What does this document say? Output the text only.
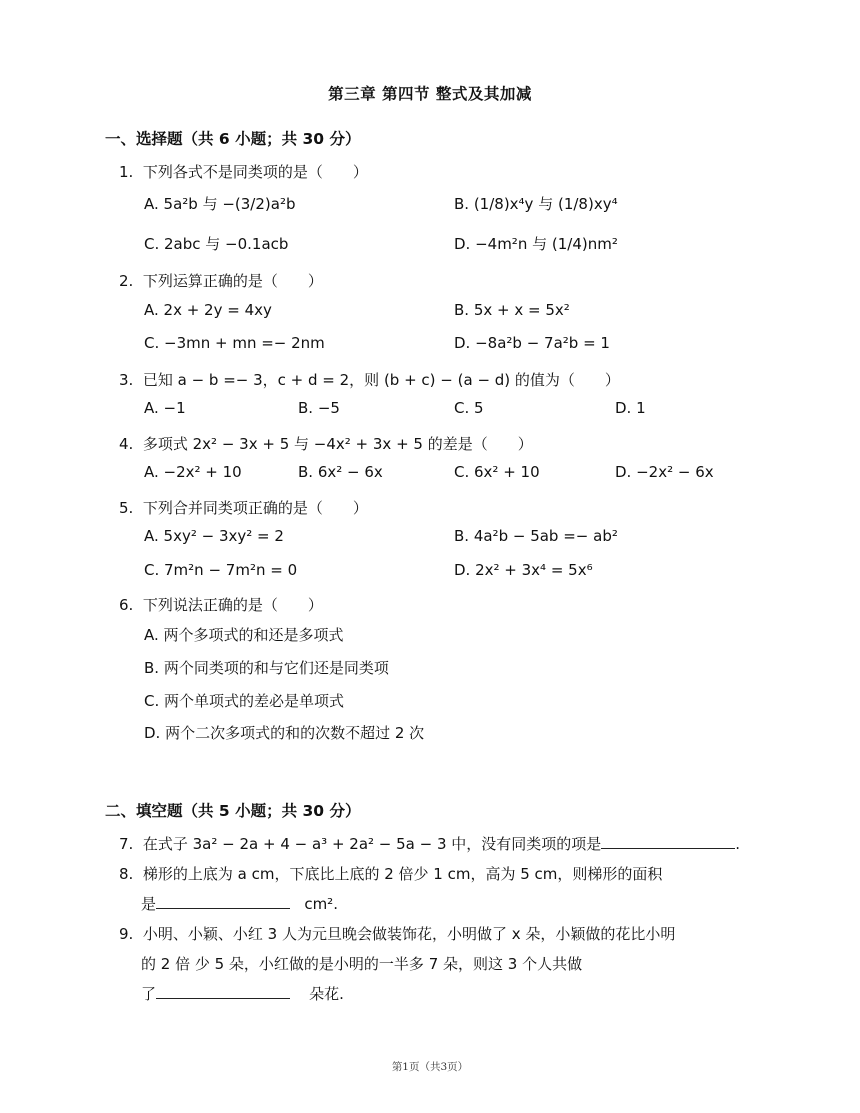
第三章 第四节 整式及其加减
一、选择题（共 6 小题；共 30 分）
1. 下列各式不是同类项的是（　　）
A. 5a²b 与 −(3/2)a²b	B. (1/8)x⁴y 与 (1/8)xy⁴
C. 2abc 与 −0.1acb	D. −4m²n 与 (1/4)nm²
2. 下列运算正确的是（　　）
A. 2x + 2y = 4xy	B. 5x + x = 5x²
C. −3mn + mn =− 2nm	D. −8a²b − 7a²b = 1
3. 已知 a − b =− 3，c + d = 2，则 (b + c) − (a − d) 的值为（　　）
A. −1	B. −5	C. 5	D. 1
4. 多项式 2x² − 3x + 5 与 −4x² + 3x + 5 的差是（　　）
A. −2x² + 10	B. 6x² − 6x	C. 6x² + 10	D. −2x² − 6x
5. 下列合并同类项正确的是（　　）
A. 5xy² − 3xy² = 2	B. 4a²b − 5ab =− ab²
C. 7m²n − 7m²n = 0	D. 2x² + 3x⁴ = 5x⁶
6. 下列说法正确的是（　　）
A. 两个多项式的和还是多项式
B. 两个同类项的和与它们还是同类项
C. 两个单项式的差必是单项式
D. 两个二次多项式的和的次数不超过 2 次
二、填空题（共 5 小题；共 30 分）
7. 在式子 3a² − 2a + 4 − a³ + 2a² − 5a − 3 中，没有同类项的项是	.
8. 梯形的上底为 a cm，下底比上底的 2 倍少 1 cm，高为 5 cm，则梯形的面积
是	cm².
9. 小明、小颖、小红 3 人为元旦晚会做装饰花，小明做了 x 朵，小颖做的花比小明
的 2 倍 少 5 朵，小红做的是小明的一半多 7 朵，则这 3 个人共做
了	朵花.
第1页（共3页）
